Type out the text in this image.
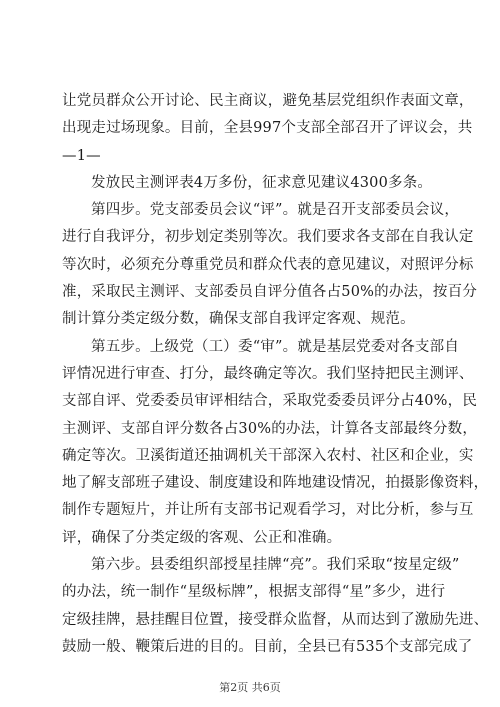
让党员群众公开讨论、民主商议，避免基层党组织作表面文章，
出现走过场现象。目前，全县997个支部全部召开了评议会，共

—1—

发放民主测评表4万多份，征求意见建议4300多条。

第四步。党支部委员会议“评”。就是召开支部委员会议，
进行自我评分，初步划定类别等次。我们要求各支部在自我认定
等次时，必须充分尊重党员和群众代表的意见建议，对照评分标
准，采取民主测评、支部委员自评分值各占50%的办法，按百分
制计算分类定级分数，确保支部自我评定客观、规范。

第五步。上级党（工）委“审”。就是基层党委对各支部自
评情况进行审查、打分，最终确定等次。我们坚持把民主测评、
支部自评、党委委员审评相结合，采取党委委员评分占40%，民
主测评、支部自评分数各占30%的办法，计算各支部最终分数，
确定等次。卫溪街道还抽调机关干部深入农村、社区和企业，实
地了解支部班子建设、制度建设和阵地建设情况，拍摄影像资料，
制作专题短片，并让所有支部书记观看学习，对比分析，参与互
评，确保了分类定级的客观、公正和准确。

第六步。县委组织部授星挂牌“亮”。我们采取“按星定级”
的办法，统一制作“星级标牌”，根据支部得“星”多少，进行
定级挂牌，悬挂醒目位置，接受群众监督，从而达到了激励先进、
鼓励一般、鞭策后进的目的。目前，全县已有535个支部完成了

第2页 共6页
